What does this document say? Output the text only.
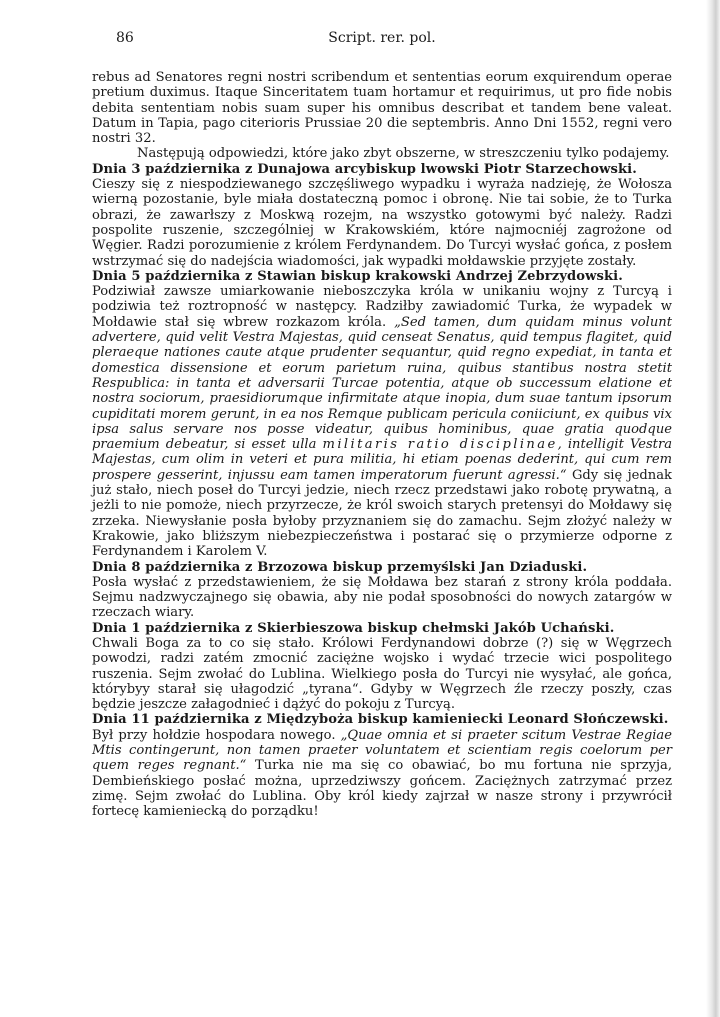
86	Script. rer. pol.

rebus ad Senatores regni nostri scribendum et sententias eorum exquirendum operae pretium duximus. Itaque Sinceritatem tuam hortamur et requirimus, ut pro fide nobis debita sententiam nobis suam super his omnibus describat et tandem bene valeat. Datum in Tapia, pago citerioris Prussiae 20 die septembris. Anno Dni 1552, regni vero nostri 32.

Następują odpowiedzi, które jako zbyt obszerne, w streszczeniu tylko podajemy.

Dnia 3 października z Dunajowa arcybiskup lwowski Piotr Starzechowski.

Cieszy się z niespodziewanego szczęśliwego wypadku i wyraża nadzieję, że Wołosza wierną pozostanie, byle miała dostateczną pomoc i obronę. Nie tai sobie, że to Turka obrazi, że zawarłszy z Moskwą rozejm, na wszystko gotowymi być należy. Radzi pospolite ruszenie, szczególniej w Krakowskiém, które najmocniéj zagrożone od Węgier. Radzi porozumienie z królem Ferdynandem. Do Turcyi wysłać gońca, z posłem wstrzymać się do nadejścia wiadomości, jak wypadki mołdawskie przyjęte zostały.

Dnia 5 października z Stawian biskup krakowski Andrzej Zebrzydowski.

Podziwiał zawsze umiarkowanie nieboszczyka króla w unikaniu wojny z Turcyą i podziwia też roztropność w następcy. Radziłby zawiadomić Turka, że wypadek w Mołdawie stał się wbrew rozkazom króla. „Sed tamen, dum quidam minus volunt advertere, quid velit Vestra Majestas, quid censeat Senatus, quid tempus flagitet, quid pleraeque nationes caute atque prudenter sequantur, quid regno expediat, in tanta et domestica dissensione et eorum parietum ruina, quibus stantibus nostra stetit Respublica: in tanta et adversarii Turcae potentia, atque ob successum elatione et nostra sociorum, praesidiorumque infirmitate atque inopia, dum suae tantum ipsorum cupiditati morem gerunt, in ea nos Remque publicam pericula coniiciunt, ex quibus vix ipsa salus servare nos posse videatur, quibus hominibus, quae gratia quodque praemium debeatur, si esset ulla militaris ratio disciplinae, intelligit Vestra Majestas, cum olim in veteri et pura militia, hi etiam poenas dederint, qui cum rem prospere gesserint, injussu eam tamen imperatorum fuerunt agressi.“ Gdy się jednak już stało, niech poseł do Turcyi jedzie, niech rzecz przedstawi jako robotę prywatną, a jeżli to nie pomoże, niech przyrzecze, że król swoich starych pretensyi do Mołdawy się zrzeka. Niewysłanie posła byłoby przyznaniem się do zamachu. Sejm złożyć należy w Krakowie, jako bliższym niebezpieczeństwa i postarać się o przymierze odporne z Ferdynandem i Karolem V.

Dnia 8 października z Brzozowa biskup przemyślski Jan Dziaduski.

Posła wysłać z przedstawieniem, że się Mołdawa bez starań z strony króla poddała. Sejmu nadzwyczajnego się obawia, aby nie podał sposobności do nowych zatargów w rzeczach wiary.

Dnia 1 października z Skierbieszowa biskup chełmski Jakób Uchański.

Chwali Boga za to co się stało. Królowi Ferdynandowi dobrze (?) się w Węgrzech powodzi, radzi zatém zmocnić zaciężne wojsko i wydać trzecie wici pospolitego ruszenia. Sejm zwołać do Lublina. Wielkiego posła do Turcyi nie wysyłać, ale gońca, którybyy starał się ułagodzić „tyrana“. Gdyby w Węgrzech źle rzeczy poszły, czas będzie jeszcze załagodnieć i dążyć do pokoju z Turcyą.

Dnia 11 października z Międzyboża biskup kamieniecki Leonard Słończewski.

Był przy hołdzie hospodara nowego. „Quae omnia et si praeter scitum Vestrae Regiae Mtis contingerunt, non tamen praeter voluntatem et scientiam regis coelorum per quem reges regnant.“ Turka nie ma się co obawiać, bo mu fortuna nie sprzyja, Dembieńskiego posłać można, uprzedziwszy gońcem. Zaciężnych zatrzymać przez zimę. Sejm zwołać do Lublina. Oby król kiedy zajrzał w nasze strony i przywrócił fortecę kamieniecką do porządku!
